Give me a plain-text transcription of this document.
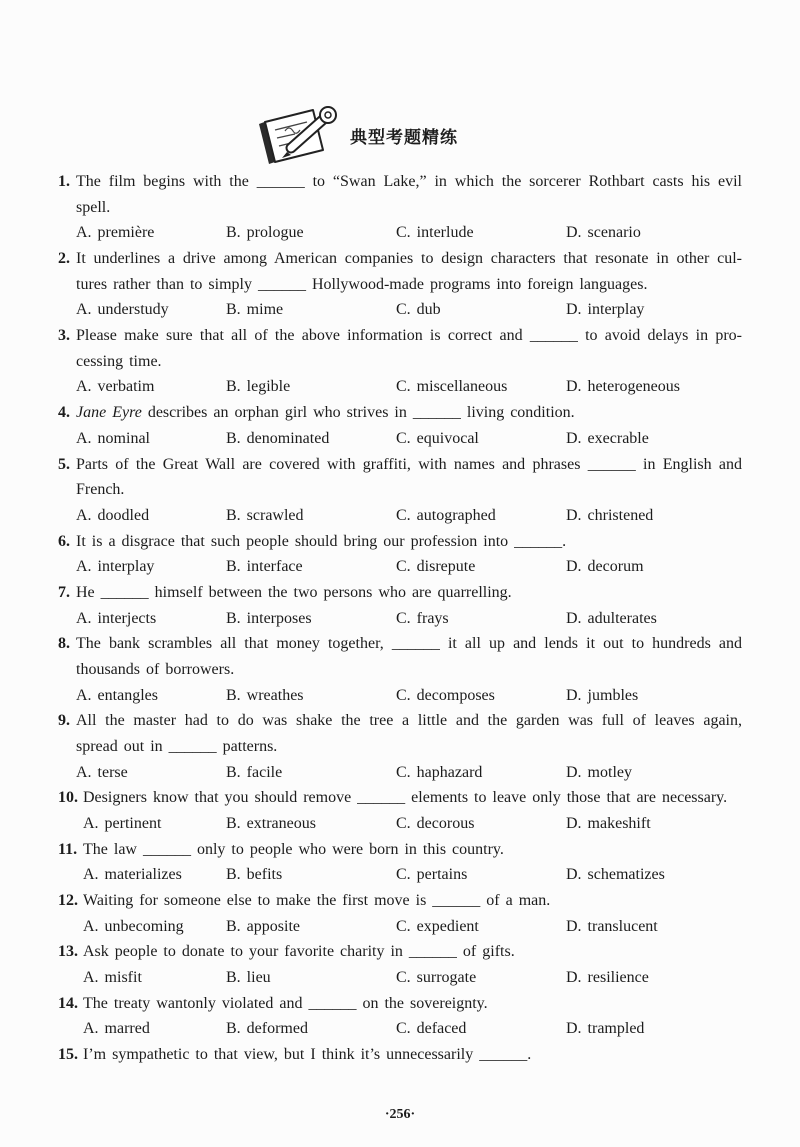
典型考题精练
1. The film begins with the ______ to “Swan Lake,” in which the sorcerer Rothbart casts his evil
spell.
A. première	B. prologue	C. interlude	D. scenario
2. It underlines a drive among American companies to design characters that resonate in other cul-
tures rather than to simply ______ Hollywood-made programs into foreign languages.
A. understudy	B. mime	C. dub	D. interplay
3. Please make sure that all of the above information is correct and ______ to avoid delays in pro-
cessing time.
A. verbatim	B. legible	C. miscellaneous	D. heterogeneous
4. Jane Eyre describes an orphan girl who strives in ______ living condition.
A. nominal	B. denominated	C. equivocal	D. execrable
5. Parts of the Great Wall are covered with graffiti, with names and phrases ______ in English and
French.
A. doodled	B. scrawled	C. autographed	D. christened
6. It is a disgrace that such people should bring our profession into ______.
A. interplay	B. interface	C. disrepute	D. decorum
7. He ______ himself between the two persons who are quarrelling.
A. interjects	B. interposes	C. frays	D. adulterates
8. The bank scrambles all that money together, ______ it all up and lends it out to hundreds and
thousands of borrowers.
A. entangles	B. wreathes	C. decomposes	D. jumbles
9. All the master had to do was shake the tree a little and the garden was full of leaves again,
spread out in ______ patterns.
A. terse	B. facile	C. haphazard	D. motley
10. Designers know that you should remove ______ elements to leave only those that are necessary.
A. pertinent	B. extraneous	C. decorous	D. makeshift
11. The law ______ only to people who were born in this country.
A. materializes	B. befits	C. pertains	D. schematizes
12. Waiting for someone else to make the first move is ______ of a man.
A. unbecoming	B. apposite	C. expedient	D. translucent
13. Ask people to donate to your favorite charity in ______ of gifts.
A. misfit	B. lieu	C. surrogate	D. resilience
14. The treaty wantonly violated and ______ on the sovereignty.
A. marred	B. deformed	C. defaced	D. trampled
15. I’m sympathetic to that view, but I think it’s unnecessarily ______.
·256·
